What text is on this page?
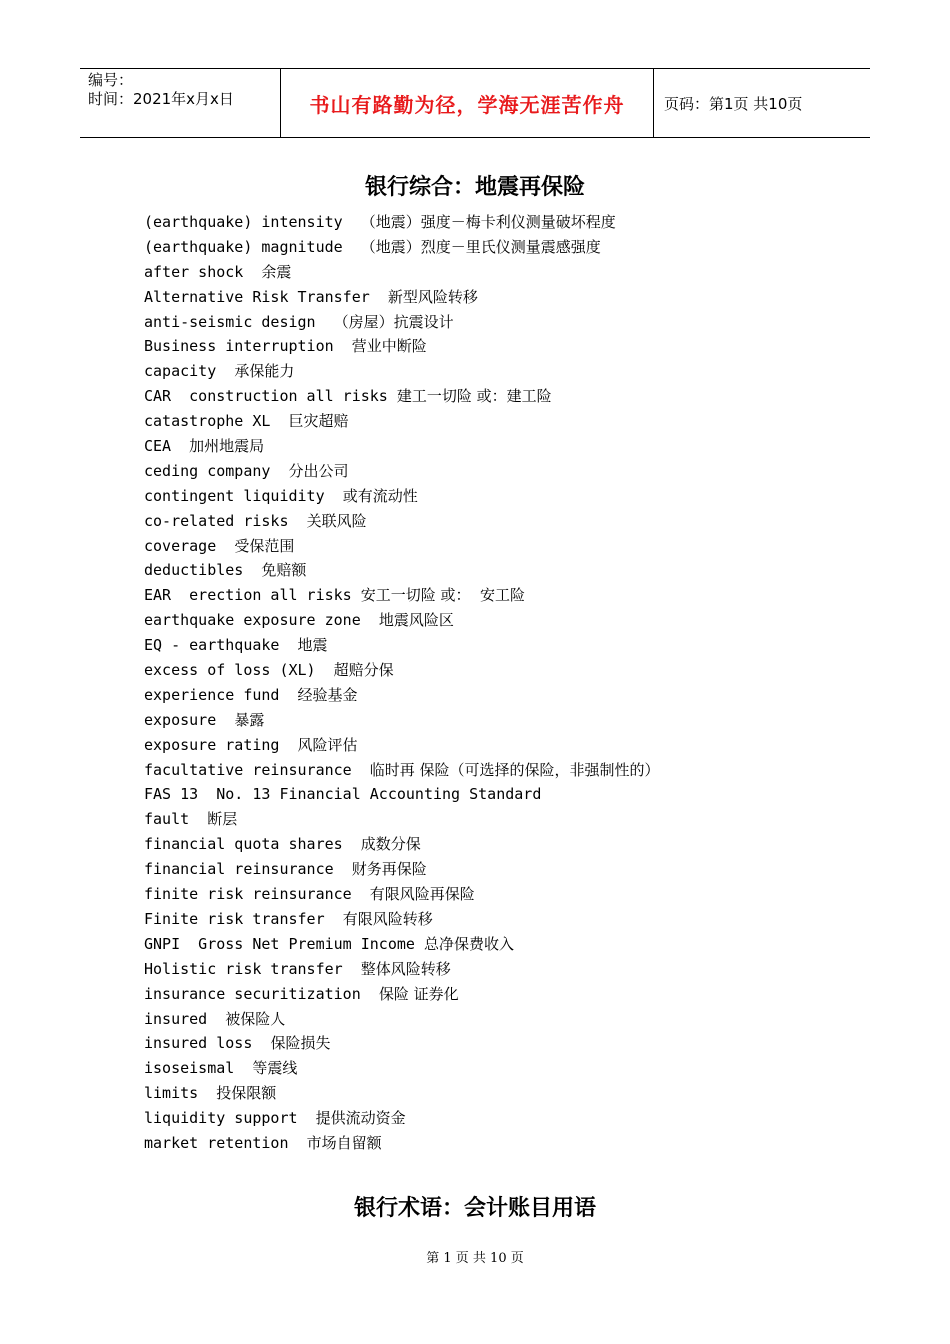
编号：
时间：2021年x月x日	书山有路勤为径，学海无涯苦作舟	页码：第1页 共10页
银行综合：地震再保险
(earthquake) intensity  （地震）强度－梅卡利仪测量破坏程度
(earthquake) magnitude  （地震）烈度－里氏仪测量震感强度
after shock  余震
Alternative Risk Transfer  新型风险转移
anti-seismic design  （房屋）抗震设计
Business interruption  营业中断险
capacity  承保能力
CAR  construction all risks 建工一切险 或：建工险
catastrophe XL  巨灾超赔
CEA  加州地震局
ceding company  分出公司
contingent liquidity  或有流动性
co-related risks  关联风险
coverage  受保范围
deductibles  免赔额
EAR  erection all risks 安工一切险 或：  安工险
earthquake exposure zone  地震风险区
EQ - earthquake  地震
excess of loss (XL)  超赔分保
experience fund  经验基金
exposure  暴露
exposure rating  风险评估
facultative reinsurance  临时再 保险（可选择的保险，非强制性的）
FAS 13  No. 13 Financial Accounting Standard
fault  断层
financial quota shares  成数分保
financial reinsurance  财务再保险
finite risk reinsurance  有限风险再保险
Finite risk transfer  有限风险转移
GNPI  Gross Net Premium Income 总净保费收入
Holistic risk transfer  整体风险转移
insurance securitization  保险 证券化
insured  被保险人
insured loss  保险损失
isoseismal  等震线
limits  投保限额
liquidity support  提供流动资金
market retention  市场自留额
银行术语：会计账目用语
第 1 页 共 10 页
